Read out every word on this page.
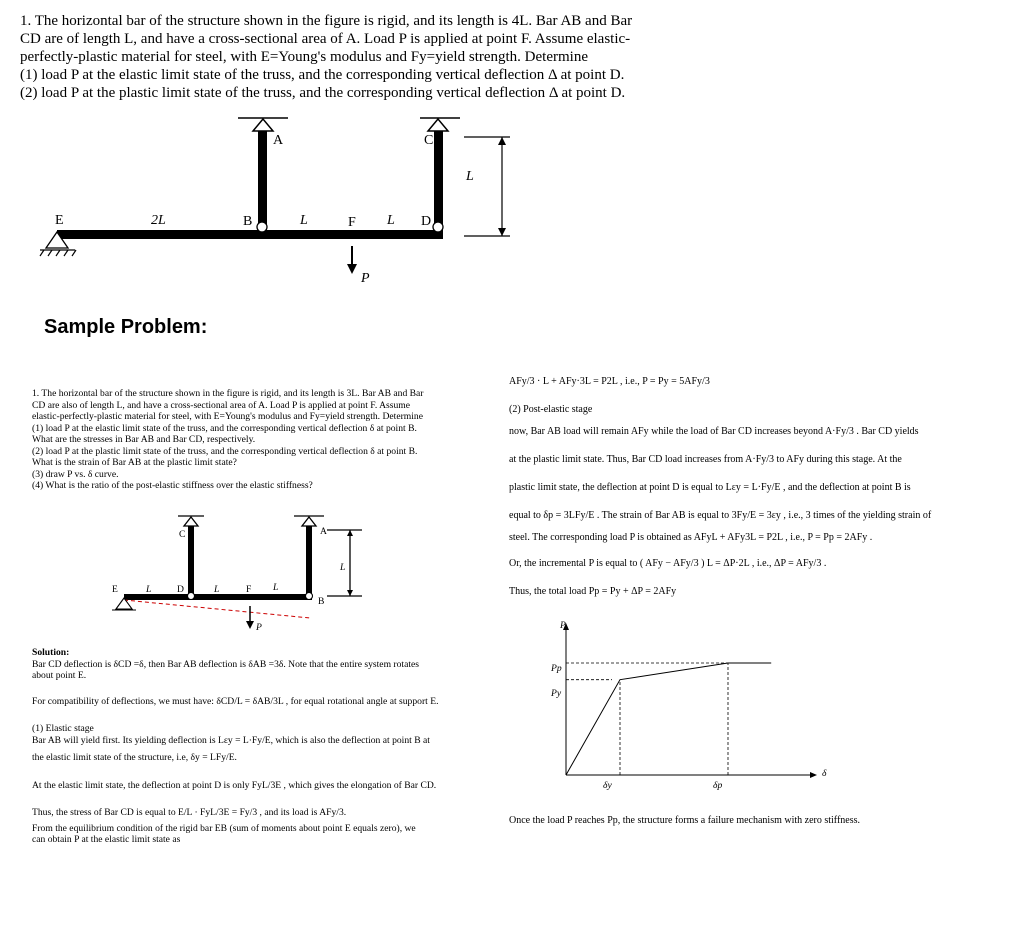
1. The horizontal bar of the structure shown in the figure is rigid, and its length is 4L. Bar AB and Bar

CD are of length L, and have a cross-sectional area of A. Load P is applied at point F. Assume elastic-

perfectly-plastic material for steel, with E=Young's modulus and Fy=yield strength. Determine

(1) load P at the elastic limit state of the truss, and the corresponding vertical deflection Δ at point D.

(2) load P at the plastic limit state of the truss, and the corresponding vertical deflection Δ at point D.

A	C
E	2L	B	L	F L D
P
L
Sample Problem:

1. The horizontal bar of the structure shown in the figure is rigid, and its length is 3L. Bar AB and Bar

CD are also of length L, and have a cross-sectional area of A. Load P is applied at point F. Assume

elastic-perfectly-plastic material for steel, with E=Young's modulus and Fy=yield strength. Determine

(1) load P at the elastic limit state of the truss, and the corresponding vertical deflection δ at point B.

What are the stresses in Bar AB and Bar CD, respectively.

(2) load P at the plastic limit state of the truss, and the corresponding vertical deflection δ at point B.

What is the strain of Bar AB at the plastic limit state?

(3) draw P vs. δ curve.

(4) What is the ratio of the post-elastic stiffness over the elastic stiffness?

C	A
E	L	D	L	F L
B
P
L

Solution:

Bar CD deflection is δCD =δ, then Bar AB deflection is δAB =3δ. Note that the entire system rotates

about point E.

For compatibility of deflections, we must have: δCD/L = δAB/3L , for equal rotational angle at support E.

(1) Elastic stage

Bar AB will yield first. Its yielding deflection is Lεy = L·Fy/E, which is also the deflection at point B at

the elastic limit state of the structure, i.e, δy = LFy/E.

At the elastic limit state, the deflection at point D is only FyL/3E , which gives the elongation of Bar CD.

Thus, the stress of Bar CD is equal to E/L · FyL/3E = Fy/3 , and its load is AFy/3.

From the equilibrium condition of the rigid bar EB (sum of moments about point E equals zero), we

can obtain P at the elastic limit state as

AFy/3 · L + AFy·3L = P2L , i.e., P = Py = 5AFy/3

(2) Post-elastic stage

now, Bar AB load will remain AFy while the load of Bar CD increases beyond A·Fy/3 . Bar CD yields

at the plastic limit state. Thus, Bar CD load increases from A·Fy/3 to AFy during this stage. At the

plastic limit state, the deflection at point D is equal to Lεy = L·Fy/E , and the deflection at point B is

equal to δp = 3LFy/E . The strain of Bar AB is equal to 3Fy/E = 3εy , i.e., 3 times of the yielding strain of

steel. The corresponding load P is obtained as AFyL + AFy3L = P2L , i.e., P = Pp = 2AFy .

Or, the incremental P is equal to ( AFy − AFy/3 ) L = ΔP·2L , i.e., ΔP = AFy/3 .

Thus, the total load Pp = Py + ΔP = 2AFy

P
δ
Pp
Py
δy	δp
Once the load P reaches Pp, the structure forms a failure mechanism with zero stiffness.
